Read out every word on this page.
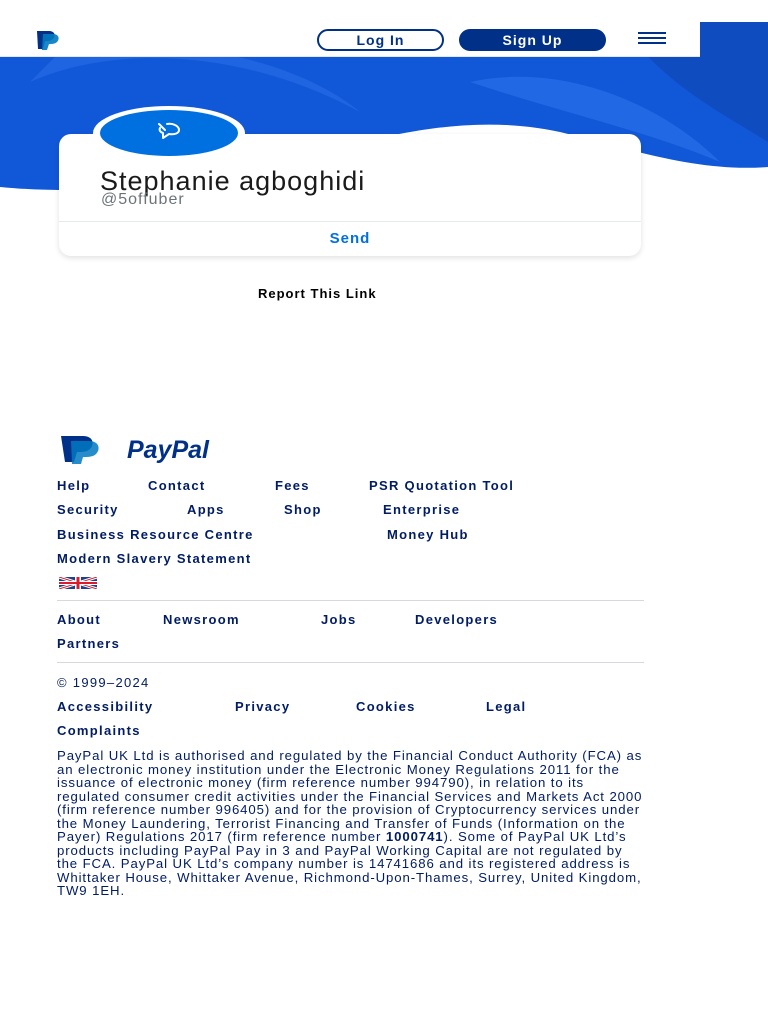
Log In	Sign Up
Stephanie agboghidi
@5offuber
Send
Report This Link
PayPal
Help	Contact	Fees	PSR Quotation Tool
Security	Apps	Shop	Enterprise
Business Resource Centre	Money Hub
Modern Slavery Statement
About	Newsroom	Jobs	Developers
Partners
© 1999–2024
Accessibility	Privacy	Cookies	Legal
Complaints
PayPal UK Ltd is authorised and regulated by the Financial Conduct Authority (FCA) as an electronic money institution under the Electronic Money Regulations 2011 for the issuance of electronic money (firm reference number 994790), in relation to its regulated consumer credit activities under the Financial Services and Markets Act 2000 (firm reference number 996405) and for the provision of Cryptocurrency services under the Money Laundering, Terrorist Financing and Transfer of Funds (Information on the Payer) Regulations 2017 (firm reference number 1000741). Some of PayPal UK Ltd’s products including PayPal Pay in 3 and PayPal Working Capital are not regulated by the FCA. PayPal UK Ltd’s company number is 14741686 and its registered address is Whittaker House, Whittaker Avenue, Richmond-Upon-Thames, Surrey, United Kingdom, TW9 1EH.
